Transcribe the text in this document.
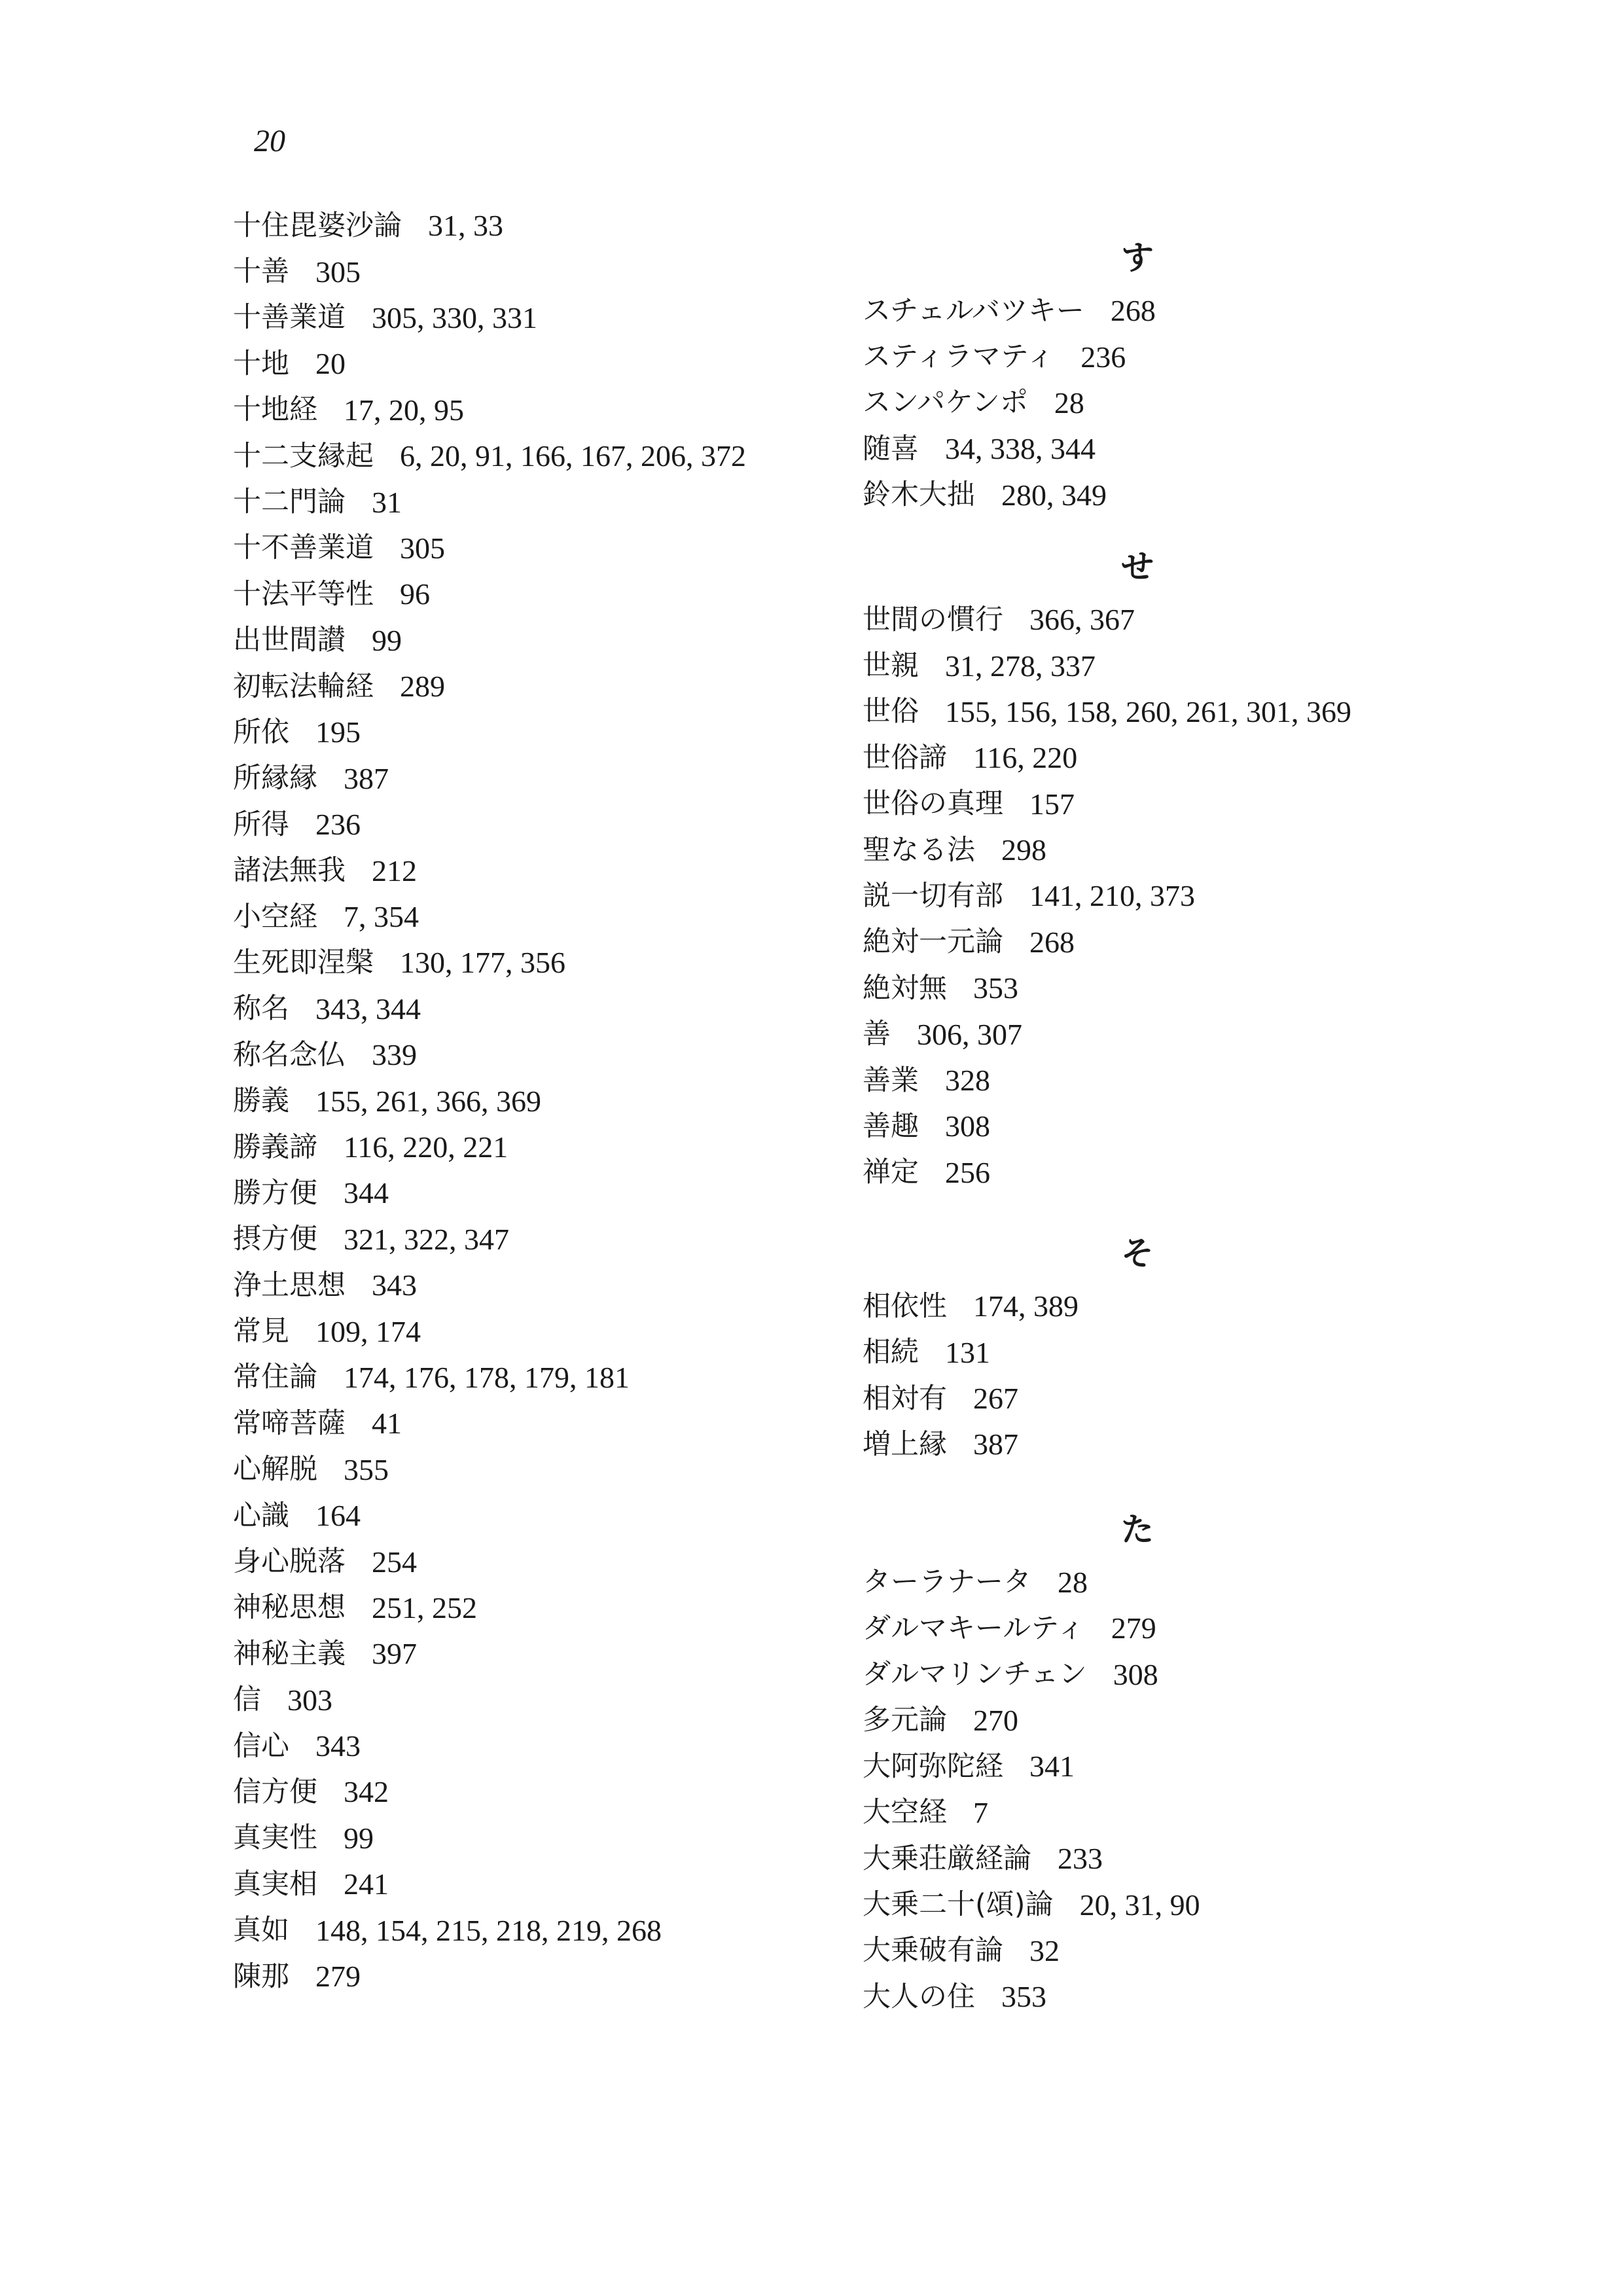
20
十住毘婆沙論 31, 33
十善 305
十善業道 305, 330, 331
十地 20
十地経 17, 20, 95
十二支縁起 6, 20, 91, 166, 167, 206, 372
十二門論 31
十不善業道 305
十法平等性 96
出世間讃 99
初転法輪経 289
所依 195
所縁縁 387
所得 236
諸法無我 212
小空経 7, 354
生死即涅槃 130, 177, 356
称名 343, 344
称名念仏 339
勝義 155, 261, 366, 369
勝義諦 116, 220, 221
勝方便 344
摂方便 321, 322, 347
浄土思想 343
常見 109, 174
常住論 174, 176, 178, 179, 181
常啼菩薩 41
心解脱 355
心識 164
身心脱落 254
神秘思想 251, 252
神秘主義 397
信 303
信心 343
信方便 342
真実性 99
真実相 241
真如 148, 154, 215, 218, 219, 268
陳那 279
す
スチェルバツキー 268
スティラマティ 236
スンパケンポ 28
随喜 34, 338, 344
鈴木大拙 280, 349
せ
世間の慣行 366, 367
世親 31, 278, 337
世俗 155, 156, 158, 260, 261, 301, 369
世俗諦 116, 220
世俗の真理 157
聖なる法 298
説一切有部 141, 210, 373
絶対一元論 268
絶対無 353
善 306, 307
善業 328
善趣 308
禅定 256
そ
相依性 174, 389
相続 131
相対有 267
増上縁 387
た
ターラナータ 28
ダルマキールティ 279
ダルマリンチェン 308
多元論 270
大阿弥陀経 341
大空経 7
大乗荘厳経論 233
大乗二十(頌)論 20, 31, 90
大乗破有論 32
大人の住 353
